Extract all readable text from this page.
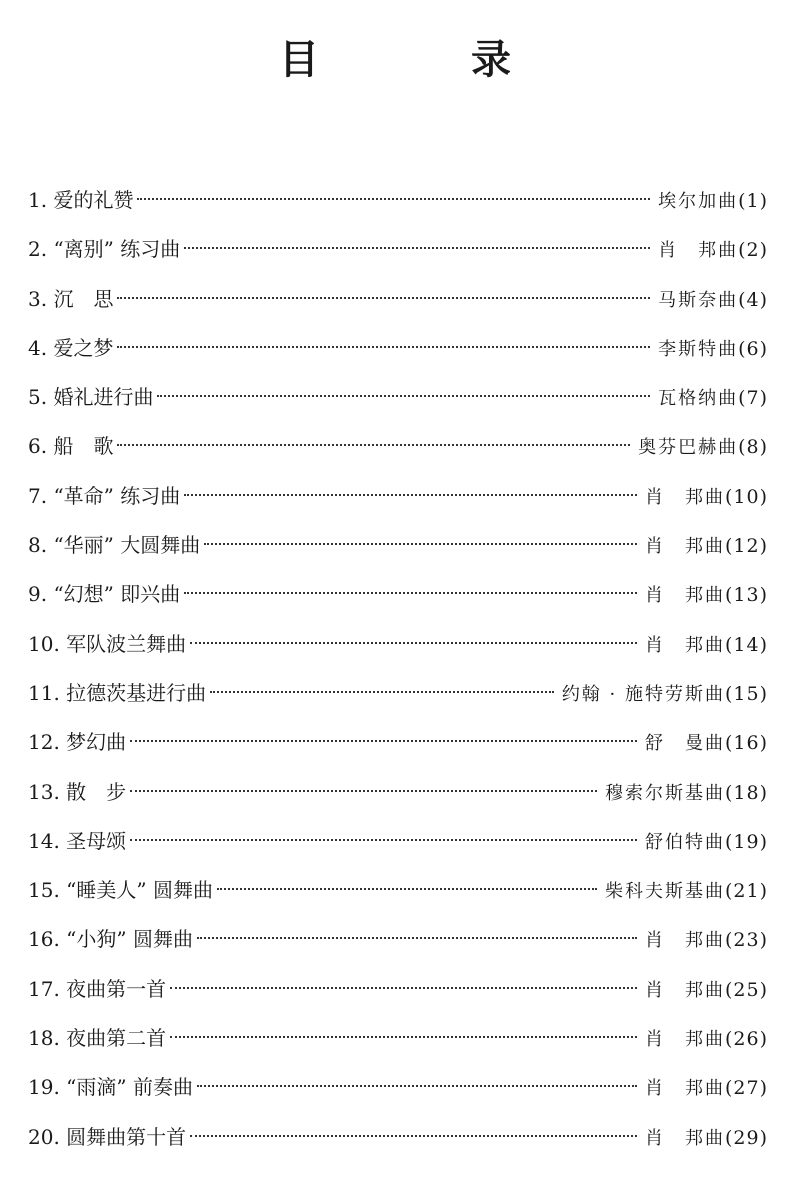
目　录
1. 爱的礼赞	埃尔加曲 (1)
2. “离别” 练习曲	肖　邦曲 (2)
3. 沉　思	马斯奈曲 (4)
4. 爱之梦	李斯特曲 (6)
5. 婚礼进行曲	瓦格纳曲 (7)
6. 船　歌	奥芬巴赫曲 (8)
7. “革命” 练习曲	肖　邦曲 (10)
8. “华丽” 大圆舞曲	肖　邦曲 (12)
9. “幻想” 即兴曲	肖　邦曲 (13)
10. 军队波兰舞曲	肖　邦曲 (14)
11. 拉德茨基进行曲	约翰 · 施特劳斯曲 (15)
12. 梦幻曲	舒　曼曲 (16)
13. 散　步	穆索尔斯基曲 (18)
14. 圣母颂	舒伯特曲 (19)
15. “睡美人” 圆舞曲	柴科夫斯基曲 (21)
16. “小狗” 圆舞曲	肖　邦曲 (23)
17. 夜曲第一首	肖　邦曲 (25)
18. 夜曲第二首	肖　邦曲 (26)
19. “雨滴” 前奏曲	肖　邦曲 (27)
20. 圆舞曲第十首	肖　邦曲 (29)
